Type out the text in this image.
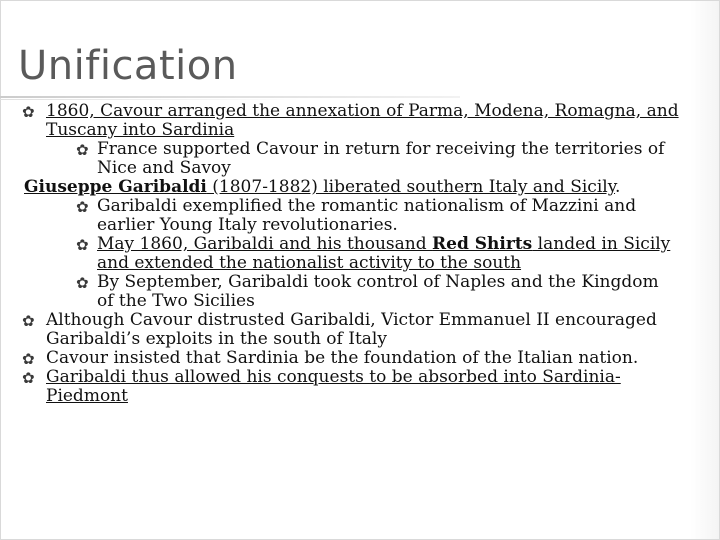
Unification
✿ 1860, Cavour arranged the annexation of Parma, Modena, Romagna, and
Tuscany into Sardinia
✿ France supported Cavour in return for receiving the territories of
Nice and Savoy
Giuseppe Garibaldi (1807-1882) liberated southern Italy and Sicily.
✿ Garibaldi exemplified the romantic nationalism of Mazzini and
earlier Young Italy revolutionaries.
✿ May 1860, Garibaldi and his thousand Red Shirts landed in Sicily
and extended the nationalist activity to the south
✿ By September, Garibaldi took control of Naples and the Kingdom
of the Two Sicilies
✿ Although Cavour distrusted Garibaldi, Victor Emmanuel II encouraged
Garibaldi’s exploits in the south of Italy
✿ Cavour insisted that Sardinia be the foundation of the Italian nation.
✿ Garibaldi thus allowed his conquests to be absorbed into Sardinia-
Piedmont
